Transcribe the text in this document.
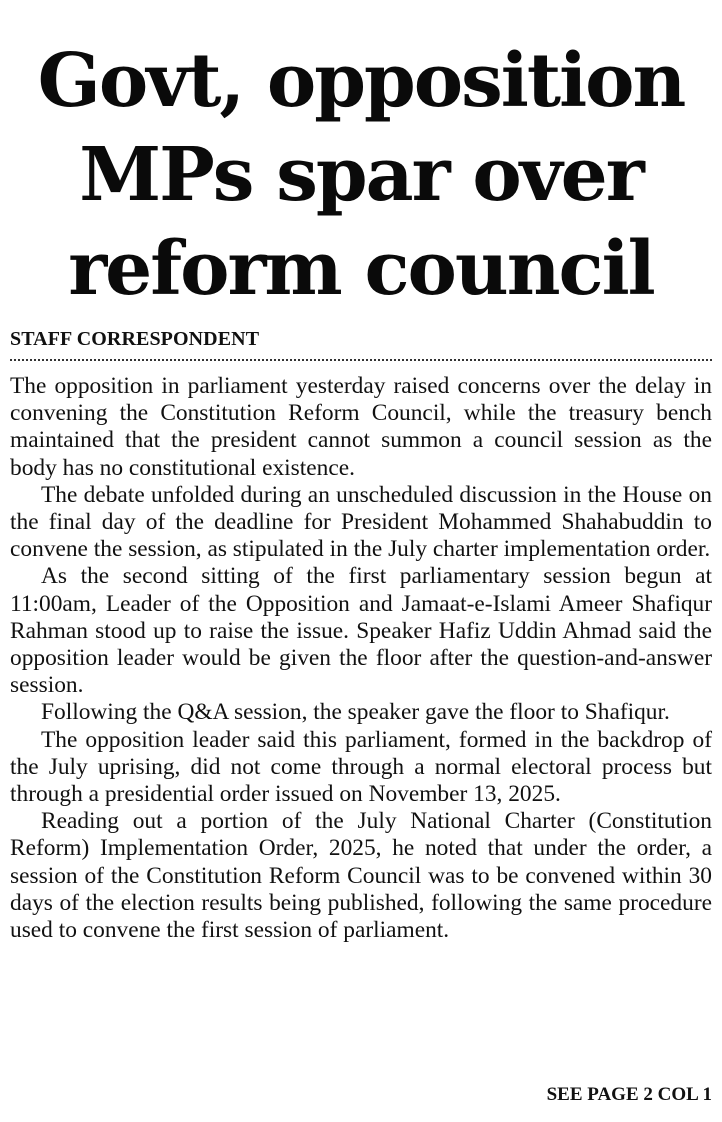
Govt, opposition
MPs spar over
reform council
STAFF CORRESPONDENT

The opposition in parliament yesterday raised concerns over the delay in convening the Constitution Reform Council, while the treasury bench maintained that the president cannot summon a council session as the body has no constitutional existence.

The debate unfolded during an unscheduled discussion in the House on the final day of the deadline for President Mohammed Shahabuddin to convene the session, as stipulated in the July charter implementation order.

As the second sitting of the first parliamentary session begun at 11:00am, Leader of the Opposition and Jamaat-e-Islami Ameer Shafiqur Rahman stood up to raise the issue. Speaker Hafiz Uddin Ahmad said the opposition leader would be given the floor after the question-and-answer session.

Following the Q&A session, the speaker gave the floor to Shafiqur.

The opposition leader said this parliament, formed in the backdrop of the July uprising, did not come through a normal electoral process but through a presidential order issued on November 13, 2025.

Reading out a portion of the July National Charter (Constitution Reform) Implementation Order, 2025, he noted that under the order, a session of the Constitution Reform Council was to be convened within 30 days of the election results being published, following the same procedure used to convene the first session of parliament.

SEE PAGE 2 COL 1
